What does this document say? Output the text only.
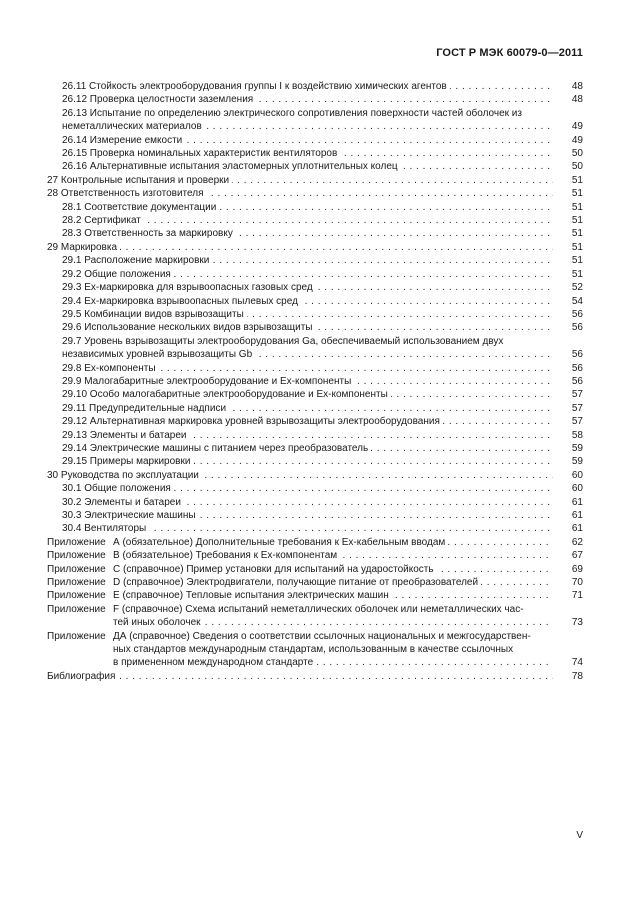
ГОСТ Р МЭК 60079-0—2011
26.11 Стойкость электрооборудования группы I к воздействию химических агентов . . .	48
26.12 Проверка целостности заземления . . .	48
26.13 Испытание по определению электрического сопротивления поверхности частей оболочек из
неметаллических материалов . . .	49
26.14 Измерение емкости . . .	49
26.15 Проверка номинальных характеристик вентиляторов . . .	50
26.16 Альтернативные испытания эластомерных уплотнительных колец . . .	50
27 Контрольные испытания и проверки . . .	51
28 Ответственность изготовителя . . .	51
28.1 Соответствие документации . . .	51
28.2 Сертификат . . .	51
28.3 Ответственность за маркировку . . .	51
29 Маркировка . . .	51
29.1 Расположение маркировки . . .	51
29.2 Общие положения . . .	51
29.3 Ex-маркировка для взрывоопасных газовых сред . . .	52
29.4 Ex-маркировка взрывоопасных пылевых сред . . .	54
29.5 Комбинации видов взрывозащиты . . .	56
29.6 Использование нескольких видов взрывозащиты . . .	56
29.7 Уровень взрывозащиты электрооборудования Ga, обеспечиваемый использованием двух
независимых уровней взрывозащиты Gb . . .	56
29.8 Ex-компоненты . . .	56
29.9 Малогабаритные электрооборудование и Ex-компоненты . . .	56
29.10 Особо малогабаритные электрооборудование и Ex-компоненты . . .	57
29.11 Предупредительные надписи . . .	57
29.12 Альтернативная маркировка уровней взрывозащиты электрооборудования . . .	57
29.13 Элементы и батареи . . .	58
29.14 Электрические машины с питанием через преобразователь . . .	59
29.15 Примеры маркировки . . .	59
30 Руководства по эксплуатации . . .	60
30.1 Общие положения . . .	60
30.2 Элементы и батареи . . .	61
30.3 Электрические машины . . .	61
30.4 Вентиляторы . . .	61
Приложение А (обязательное) Дополнительные требования к Ex-кабельным вводам . . .	62
Приложение В (обязательное) Требования к Ex-компонентам . . .	67
Приложение С (справочное) Пример установки для испытаний на ударостойкость . . .	69
Приложение D (справочное) Электродвигатели, получающие питание от преобразователей . . .	70
Приложение Е (справочное) Тепловые испытания электрических машин . . .	71
Приложение F (справочное) Схема испытаний неметаллических оболочек или неметаллических час-
тей иных оболочек . . .	73
Приложение ДА (справочное) Сведения о соответствии ссылочных национальных и межгосударствен-
ных стандартов международным стандартам, использованным в качестве ссылочных
в примененном международном стандарте . . .	74
Библиография . . .	78
V
